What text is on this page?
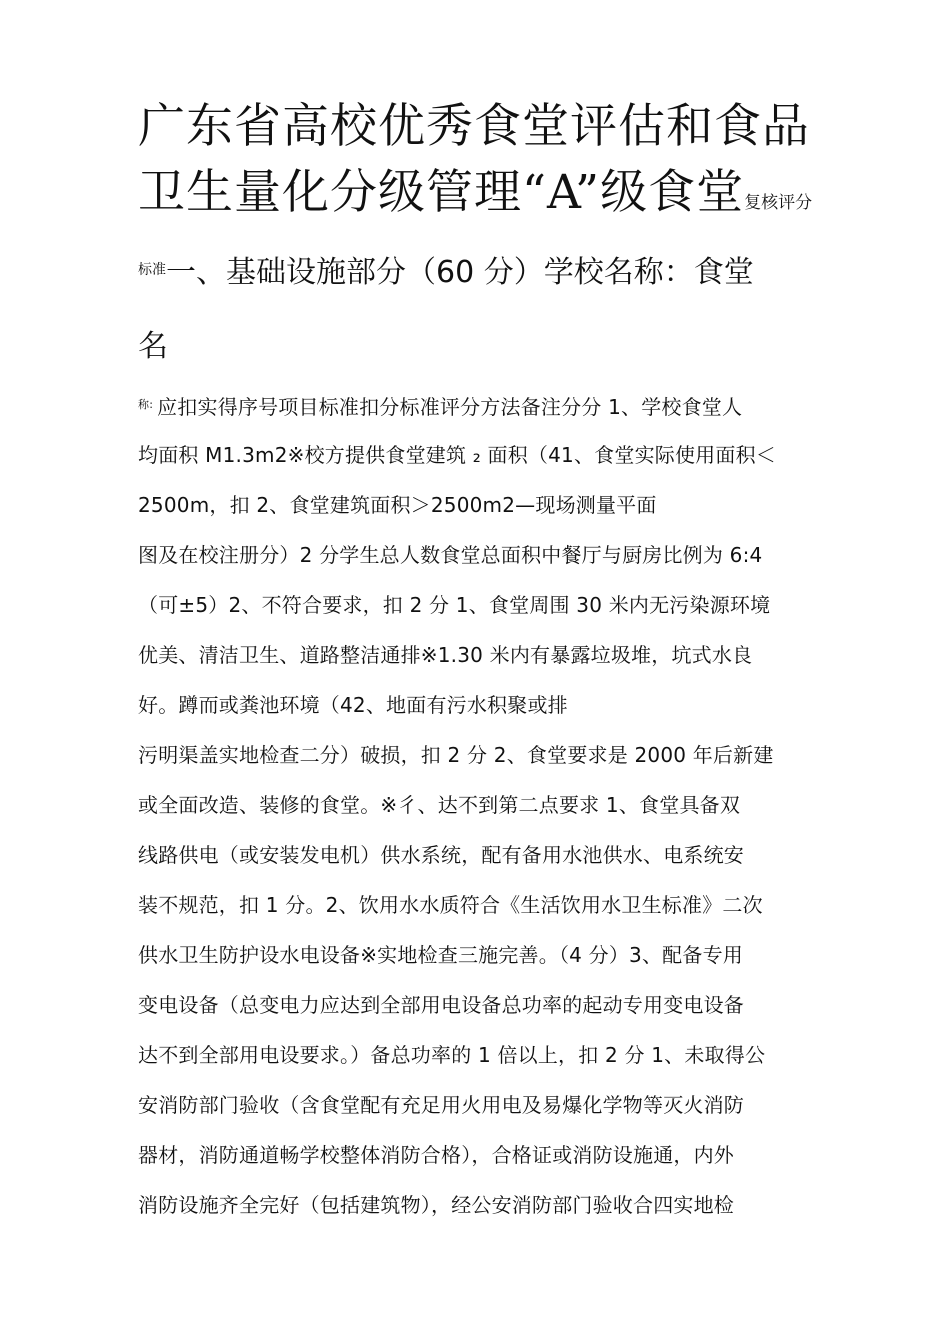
广东省高校优秀食堂评估和食品
卫生量化分级管理“A”级食堂复核评分
$^{标准}$一、基础设施部分（60 分）学校名称：食堂
名
$^{称:}$ 应扣实得序号项目标准扣分标准评分方法备注分分 1、学校食堂人
均面积 M1.3m2※校方提供食堂建筑 ₂ 面积（41、食堂实际使用面积＜
2500m，扣 2、食堂建筑面积＞2500m2—现场测量平面
图及在校注册分）2 分学生总人数食堂总面积中餐厅与厨房比例为 6:4
（可±5）2、不符合要求，扣 2 分 1、食堂周围 30 米内无污染源环境
优美、清洁卫生、道路整洁通排※1.30 米内有暴露垃圾堆，坑式水良
好。蹲而或粪池环境（42、地面有污水积聚或排
污明渠盖实地检查二分）破损，扣 2 分 2、食堂要求是 2000 年后新建
或全面改造、装修的食堂。※彳、达不到第二点要求 1、食堂具备双
线路供电（或安装发电机）供水系统，配有备用水池供水、电系统安
装不规范，扣 1 分。2、饮用水水质符合《生活饮用水卫生标准》二次
供水卫生防护设水电设备※实地检查三施完善。（4 分）3、配备专用
变电设备（总变电力应达到全部用电设备总功率的起动专用变电设备
达不到全部用电设要求。）备总功率的 1 倍以上，扣 2 分 1、未取得公
安消防部门验收（含食堂配有充足用火用电及易爆化学物等灭火消防
器材，消防通道畅学校整体消防合格），合格证或消防设施通，内外
消防设施齐全完好（包括建筑物），经公安消防部门验收合四实地检
